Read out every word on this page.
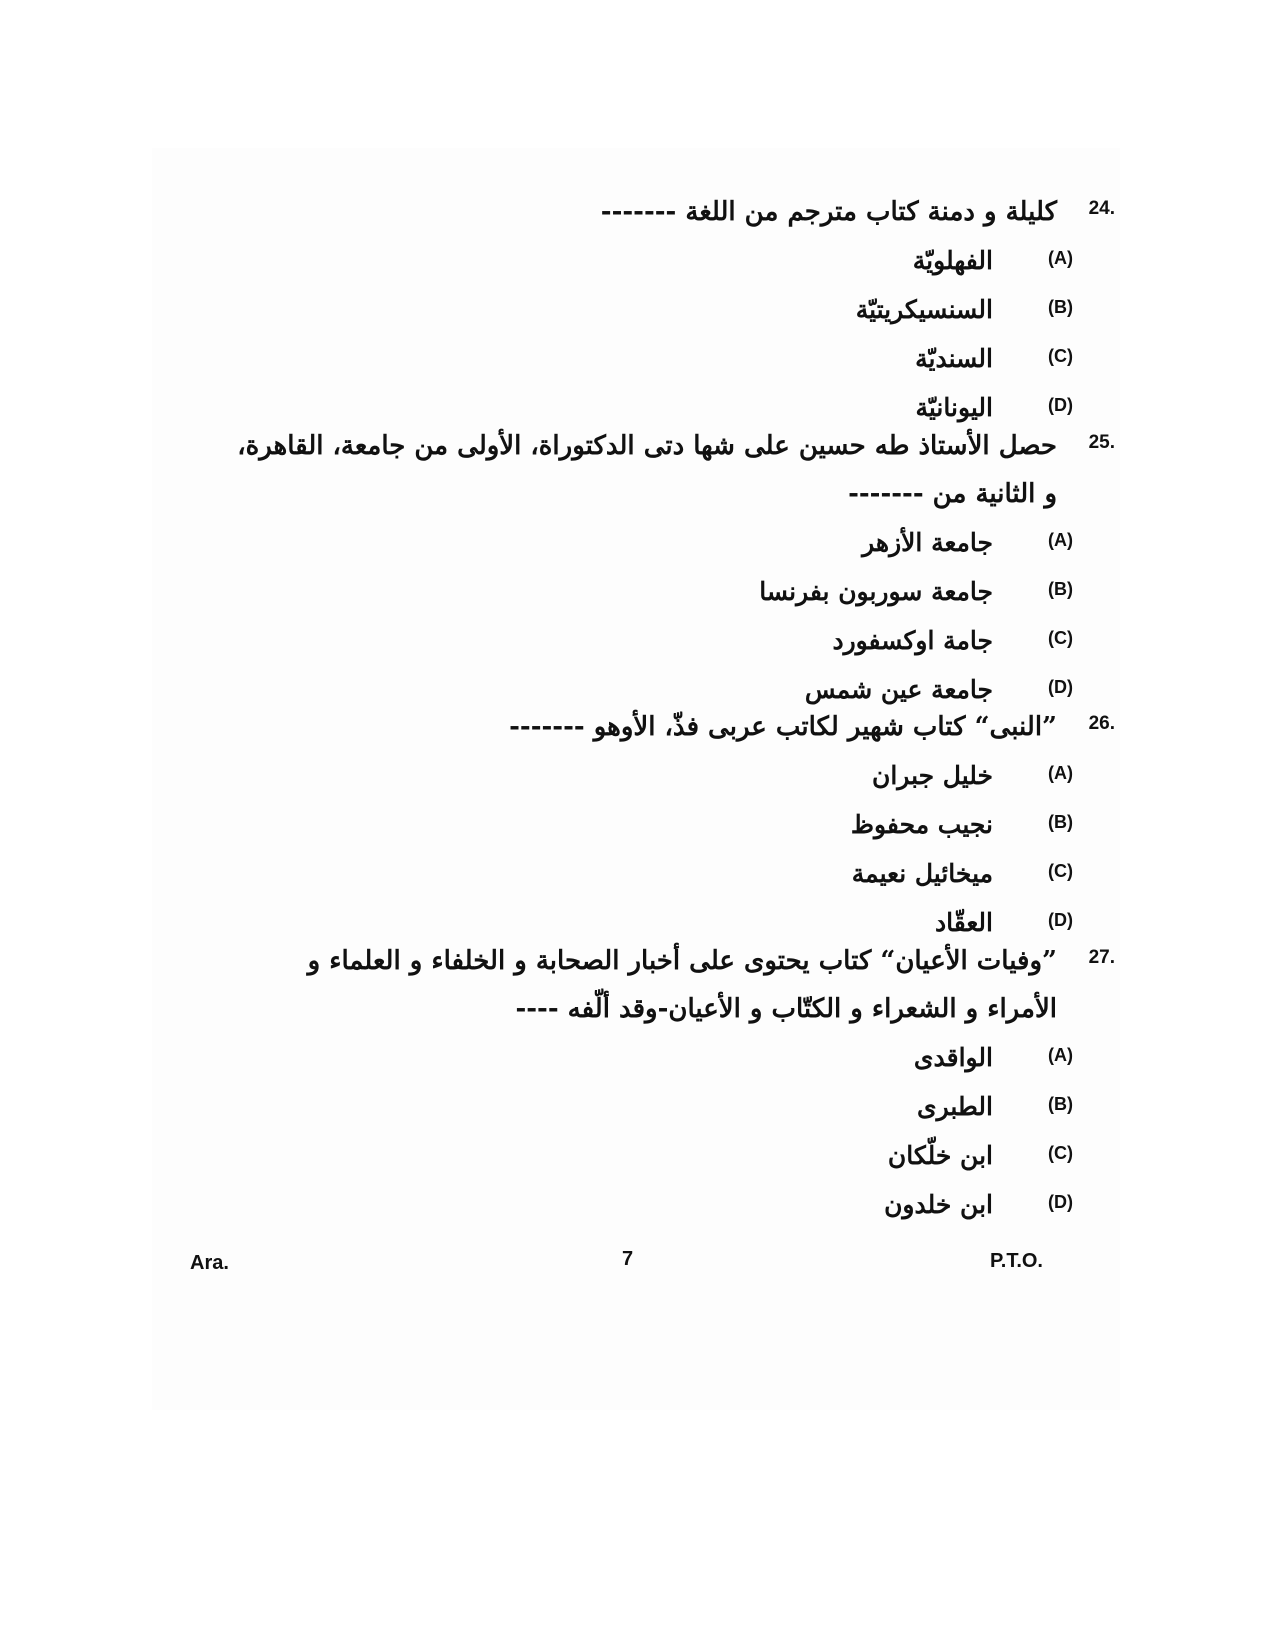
24.
كليلة و دمنة كتاب مترجم من اللغة ‐‐‐‐‐‐‐
(A)
الفهلويّة
(B)
السنسيكريتيّة
(C)
السنديّة
(D)
اليونانيّة
25.
حصل الأستاذ طه حسين على شها دتى الدكتوراة، الأولى من جامعة، القاهرة،
و الثانية من ‐‐‐‐‐‐‐
(A)
جامعة الأزهر
(B)
جامعة سوربون بفرنسا
(C)
جامة اوكسفورد
(D)
جامعة عين شمس
26.
”النبى“ كتاب شهير لكاتب عربى فذّ، الأوهو ‐‐‐‐‐‐‐
(A)
خليل جبران
(B)
نجيب محفوظ
(C)
ميخائيل نعيمة
(D)
العقّاد
27.
”وفيات الأعيان“ كتاب يحتوى على أخبار الصحابة و الخلفاء و العلماء و
الأمراء و الشعراء و الكتّاب و الأعيان‐وقد ألّفه ‐‐‐‐
(A)
الواقدى
(B)
الطبرى
(C)
ابن خلّكان
(D)
ابن خلدون
Ara.	7	P.T.O.
